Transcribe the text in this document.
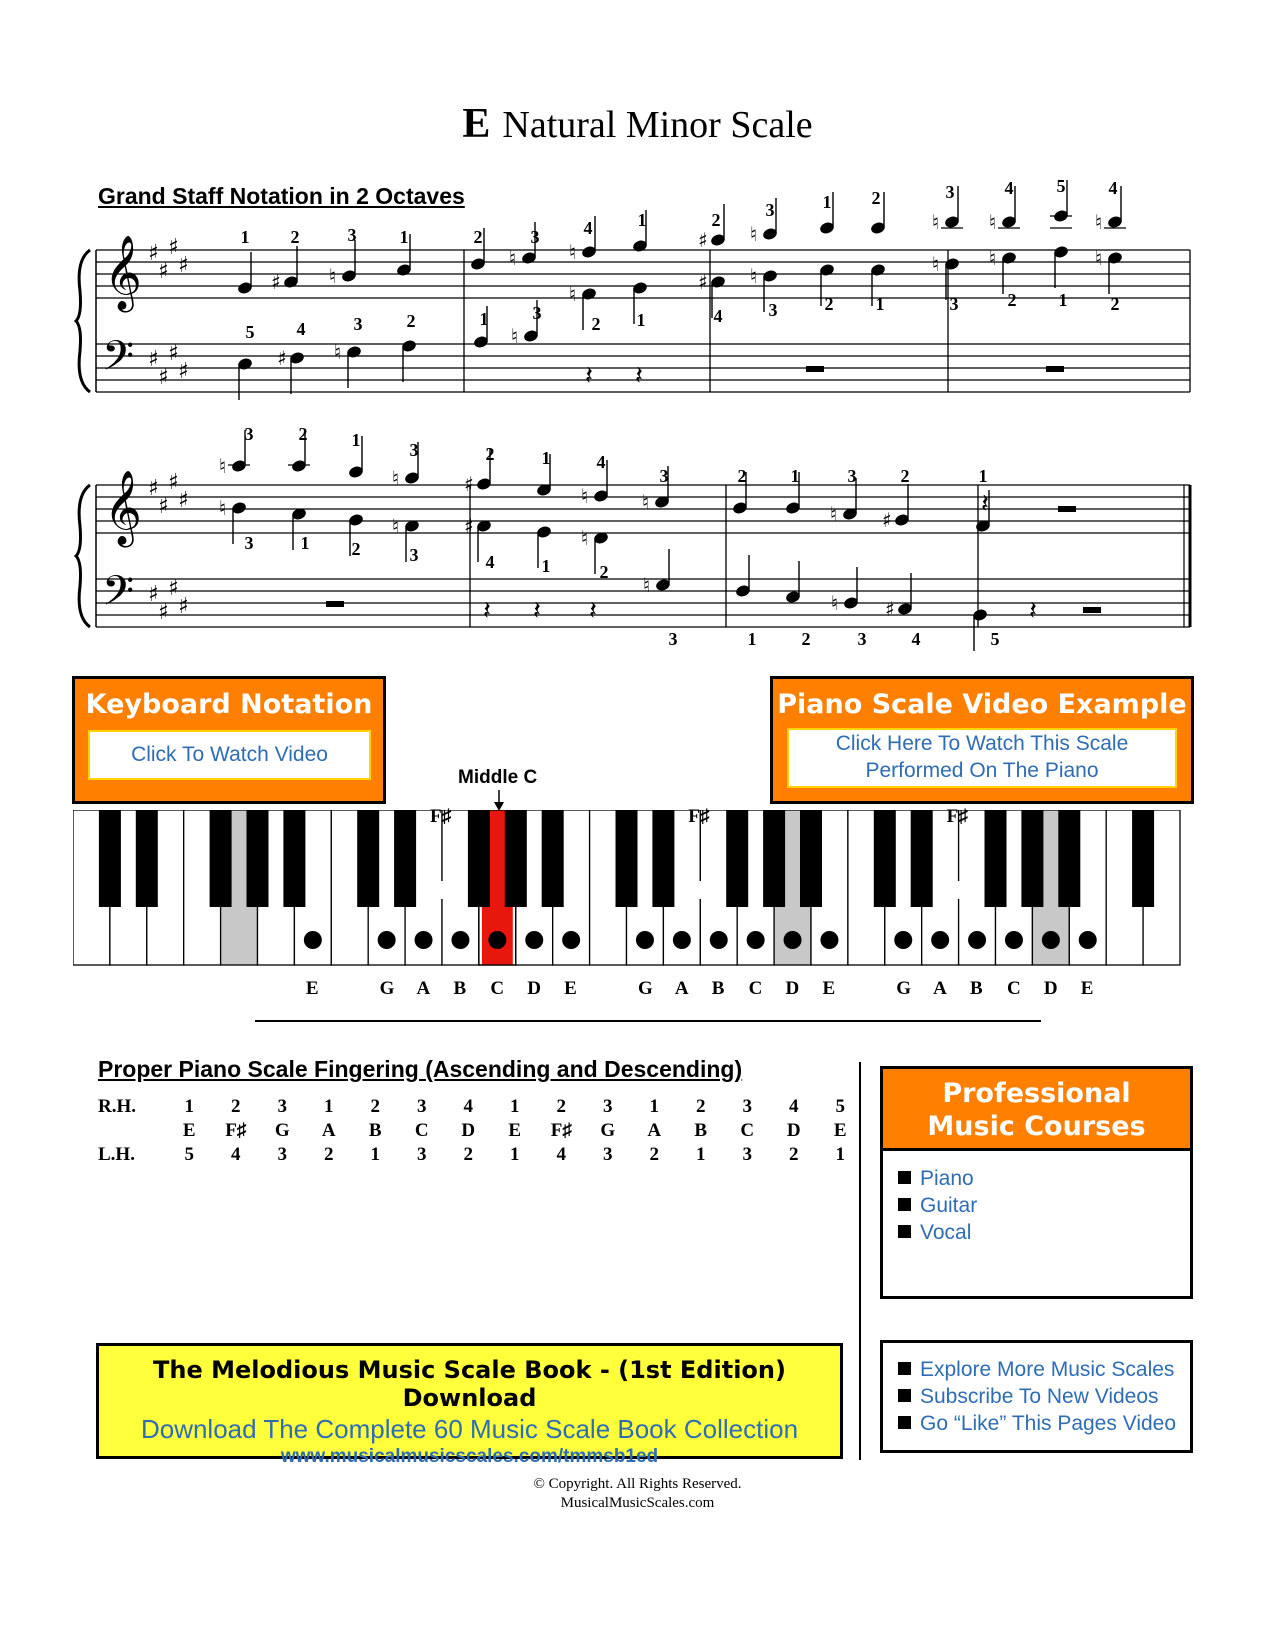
E Natural Minor Scale
Grand Staff Notation in 2 Octaves
𝄞
𝄢
♯
♯
♯
♯
♯
♯
♯
♯
𝄞
𝄢
♯
♯
♯
♯
♯
♯
♯
♯
♯ ♮
♮	♮	♯ ♮	♮ ♮	♮
♮	♯ ♮	♮ ♮	♮
♯ ♮
♮
𝄽 𝄽
♮	♮	♯	♮	♮	♮ ♯
♮
♮	♯	♮
𝄽
𝄽 𝄽 𝄽
♮
♮ ♯	𝄽
1 2	3 1	2	3 4	1	2	3	1 2	3	4 5 4
2 1	4	3	2 1	3	2 1 2
5 4	3 2	1 3
3	2 1	3	2	1	4
3	2 1	3 2	1
3	1 2	3	4	1	2
3	1	2	3	4	5
Keyboard Notation
Click To Watch Video
Piano Scale Video Example
Click Here To Watch This Scale
Performed On The Piano
Middle C
F♯	F♯	F♯
E	G A B C D E	G A B C D E	G A B C D E
Proper Piano Scale Fingering (Ascending and Descending)
R.H.	1	2	3	1	2	3	4	1	2	3	1	2	3	4	5
	E	F♯	G	A	B	C	D	E	F♯	G	A	B	C	D	E
L.H.	5	4	3	2	1	3	2	1	4	3	2	1	3	2	1
Professional
Music Courses
Piano
Guitar
Vocal
Explore More Music Scales
Subscribe To New Videos
Go “Like” This Pages Video
The Melodious Music Scale Book - (1st Edition) Download
Download The Complete 60 Music Scale Book Collection
www.musicalmusicscales.com/tmmsb1ed
© Copyright. All Rights Reserved.
MusicalMusicScales.com
